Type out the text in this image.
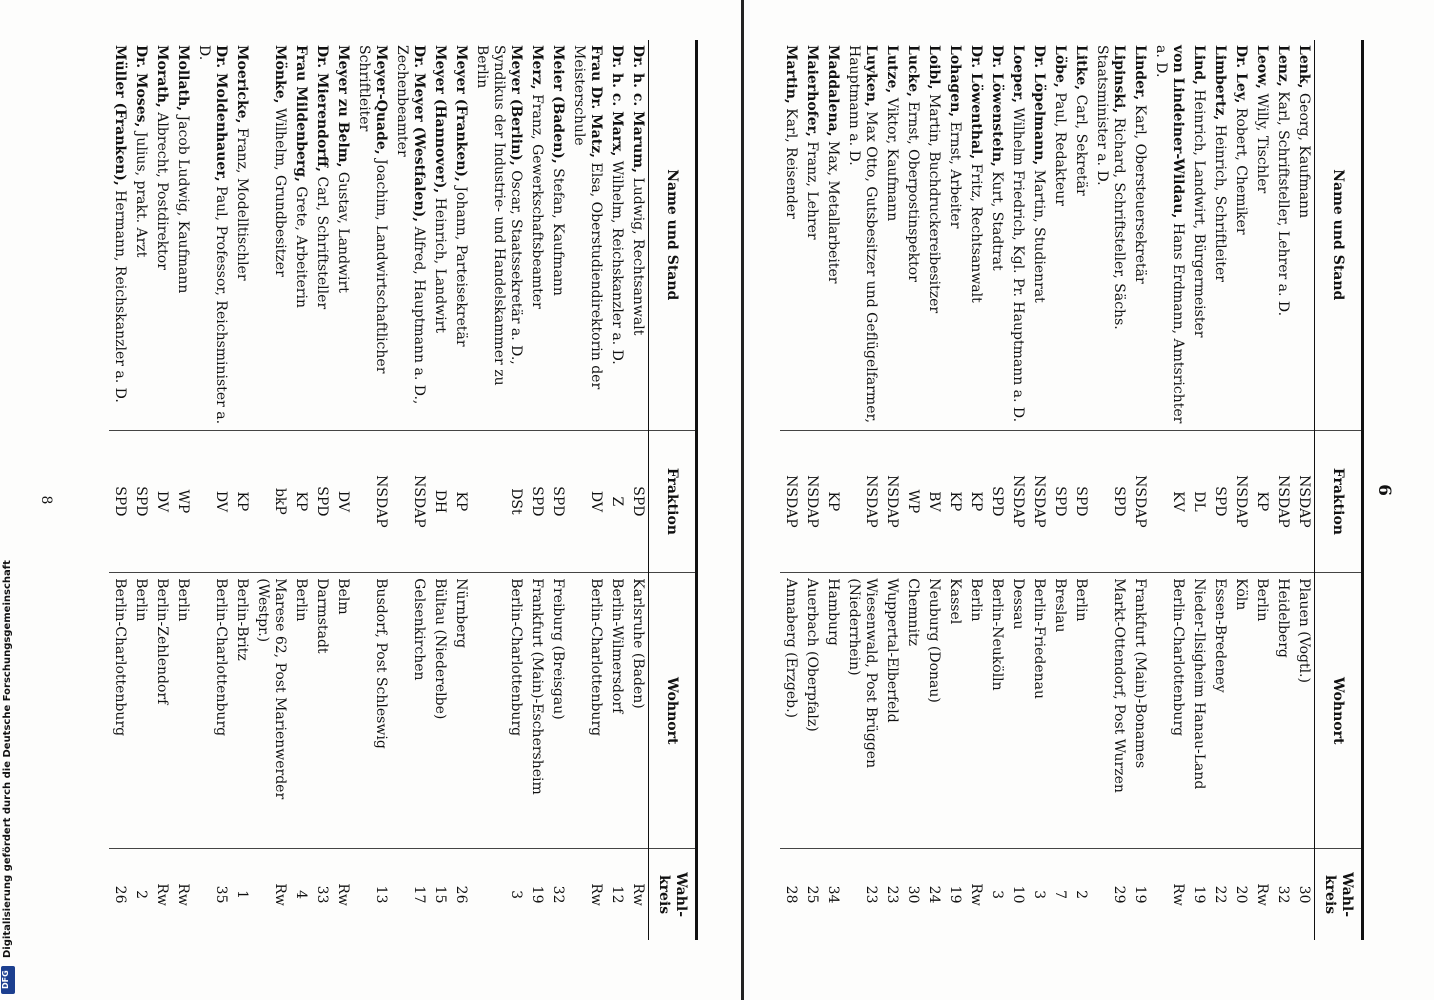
6
Name und Stand	Fraktion	Wohnort	Wahl-kreis
Lenk, Georg, Kaufmann	NSDAP	Plauen (Vogtl.)	30
Lenz, Karl, Schriftsteller, Lehrer a. D.	NSDAP	Heidelberg	32
Leow, Willy, Tischler	KP	Berlin	Rw
Dr. Ley, Robert, Chemiker	NSDAP	Köln	20
Limbertz, Heinrich, Schriftleiter	SPD	Essen-Bredeney	22
Lind, Heinrich, Landwirt, Bürgermeister	DL	Nieder-Ilsigheim Hanau-Land	19
von Lindeiner-Wildau, Hans Erdmann, Amtsrichter a. D.	KV	Berlin-Charlottenburg	Rw
Linder, Karl, Obersteuersekretär	NSDAP	Frankfurt (Main)-Bonames	19
Lipinski, Richard, Schriftsteller, Sächs. Staatsminister a. D.	SPD	Markt-Ottendorf, Post Wurzen	29
Litke, Carl, Sekretär	SPD	Berlin	2
Löbe, Paul, Redakteur	SPD	Breslau	7
Dr. Löpelmann, Martin, Studienrat	NSDAP	Berlin-Friedenau	3
Loeper, Wilhelm Friedrich, Kgl. Pr. Hauptmann a. D.	NSDAP	Dessau	10
Dr. Löwenstein, Kurt, Stadtrat	SPD	Berlin-Neukölln	3
Dr. Löwenthal, Fritz, Rechtsanwalt	KP	Berlin	Rw
Lohagen, Ernst, Arbeiter	KP	Kassel	19
Loibl, Martin, Buchdruckereibesitzer	BV	Neuburg (Donau)	24
Lucke, Ernst, Oberpostinspektor	WP	Chemnitz	30
Lutze, Viktor, Kaufmann	NSDAP	Wuppertal-Elberfeld	23
Luyken, Max Otto, Gutsbesitzer und Geflügelfarmer, Hauptmann a. D.	NSDAP	Wiesenwald, Post Brüggen (Niederrhein)	23
Maddalena, Max, Metallarbeiter	KP	Hamburg	34
Maierhofer, Franz, Lehrer	NSDAP	Auerbach (Oberpfalz)	25
Martin, Karl, Reisender	NSDAP	Annaberg (Erzgeb.)	28
Name und Stand	Fraktion	Wohnort	Wahl-kreis
Dr. h. c. Marum, Ludwig, Rechtsanwalt	SPD	Karlsruhe (Baden)	Rw
Dr. h. c. Marx, Wilhelm, Reichskanzler a. D.	Z	Berlin-Wilmersdorf	12
Frau Dr. Matz, Elsa, Oberstudiendirektorin der Meisterschule	DV	Berlin-Charlottenburg	Rw
Meier (Baden), Stefan, Kaufmann	SPD	Freiburg (Breisgau)	32
Merz, Franz, Gewerkschaftsbeamter	SPD	Frankfurt (Main)-Eschersheim	19
Meyer (Berlin), Oscar, Staatssekretär a. D., Syndikus der Industrie- und Handelskammer zu Berlin	DSt	Berlin-Charlottenburg	3
Meyer (Franken), Johann, Parteisekretär	KP	Nürnberg	26
Meyer (Hannover), Heinrich, Landwirt	DH	Bültau (Niederelbe)	15
Dr. Meyer (Westfalen), Alfred, Hauptmann a. D., Zechenbeamter	NSDAP	Gelsenkirchen	17
Meyer-Quade, Joachim, Landwirtschaftlicher Schriftleiter	NSDAP	Busdorf, Post Schleswig	13
Meyer zu Belm, Gustav, Landwirt	DV	Belm	Rw
Dr. Mierendorff, Carl, Schriftsteller	SPD	Darmstadt	33
Frau Mildenberg, Grete, Arbeiterin	KP	Berlin	4
Mönke, Wilhelm, Grundbesitzer	bkP	Marese 62, Post Marienwerder (Westpr.)	Rw
Moericke, Franz, Modelltischler	KP	Berlin-Britz	1
Dr. Moldenhauer, Paul, Professor, Reichsminister a. D.	DV	Berlin-Charlottenburg	35
Mollath, Jacob Ludwig, Kaufmann	WP	Berlin	Rw
Morath, Albrecht, Postdirektor	DV	Berlin-Zehlendorf	Rw
Dr. Moses, Julius, prakt. Arzt	SPD	Berlin	2
Müller (Franken), Hermann, Reichskanzler a. D.	SPD	Berlin-Charlottenburg	26
8
DFG
Digitalisierung gefördert durch die Deutsche Forschungsgemeinschaft
